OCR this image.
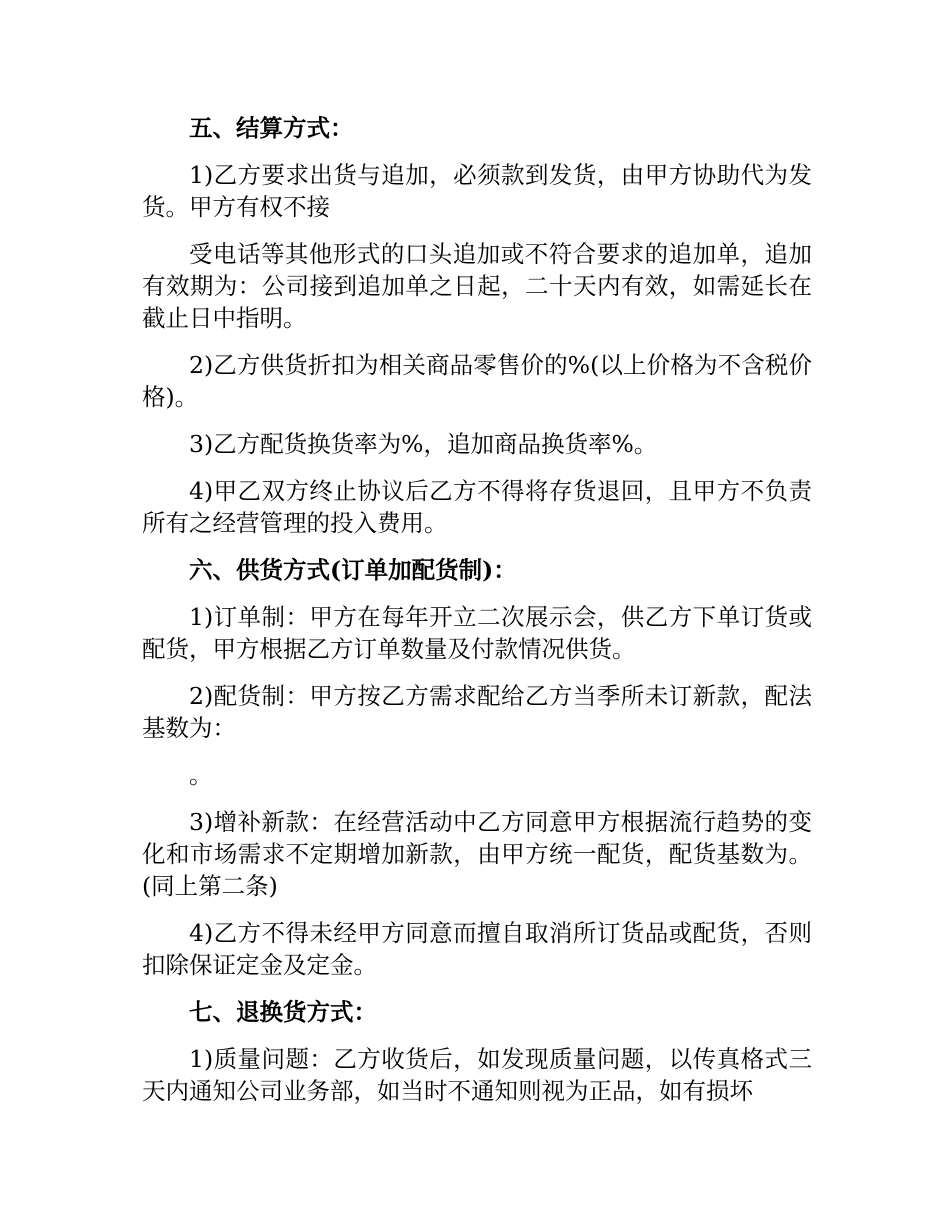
五、结算方式：

1)乙方要求出货与追加，必须款到发货，由甲方协助代为发货。甲方有权不接

受电话等其他形式的口头追加或不符合要求的追加单，追加有效期为：公司接到追加单之日起，二十天内有效，如需延长在截止日中指明。

2)乙方供货折扣为相关商品零售价的%(以上价格为不含税价格)。

3)乙方配货换货率为%，追加商品换货率%。

4)甲乙双方终止协议后乙方不得将存货退回，且甲方不负责所有之经营管理的投入费用。

六、供货方式(订单加配货制)：

1)订单制：甲方在每年开立二次展示会，供乙方下单订货或配货，甲方根据乙方订单数量及付款情况供货。

2)配货制：甲方按乙方需求配给乙方当季所未订新款，配法基数为：

。

3)增补新款：在经营活动中乙方同意甲方根据流行趋势的变化和市场需求不定期增加新款，由甲方统一配货，配货基数为。(同上第二条)

4)乙方不得未经甲方同意而擅自取消所订货品或配货，否则扣除保证定金及定金。

七、退换货方式：

1)质量问题：乙方收货后，如发现质量问题，以传真格式三天内通知公司业务部，如当时不通知则视为正品，如有损坏
